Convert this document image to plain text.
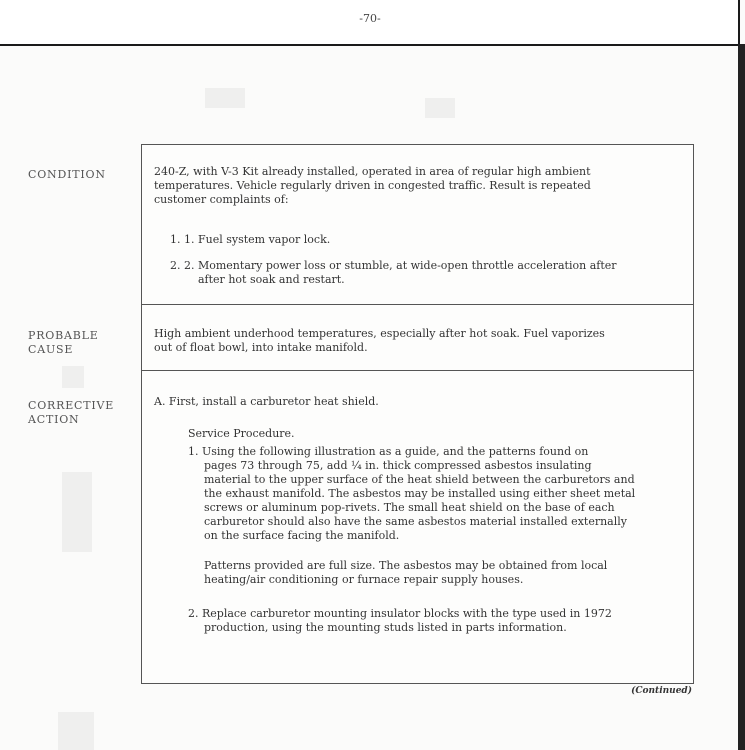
-70-
CONDITION
PROBABLE
CAUSE
CORRECTIVE
ACTION
240-Z, with V-3 Kit already installed, operated in area of regular high ambient
temperatures. Vehicle regularly driven in congested traffic. Result is repeated
customer complaints of:
1. 1. Fuel system vapor lock.
2. 2. Momentary power loss or stumble, at wide-open throttle acceleration after
after hot soak and restart.
High ambient underhood temperatures, especially after hot soak. Fuel vaporizes
out of float bowl, into intake manifold.
A. First, install a carburetor heat shield.
Service Procedure.
1. Using the following illustration as a guide, and the patterns found on
pages 73 through 75, add ¼ in. thick compressed asbestos insulating
material to the upper surface of the heat shield between the carburetors and
the exhaust manifold. The asbestos may be installed using either sheet metal
screws or aluminum pop-rivets. The small heat shield on the base of each
carburetor should also have the same asbestos material installed externally
on the surface facing the manifold.
Patterns provided are full size. The asbestos may be obtained from local
heating/air conditioning or furnace repair supply houses.
2. Replace carburetor mounting insulator blocks with the type used in 1972
production, using the mounting studs listed in parts information.
(Continued)
